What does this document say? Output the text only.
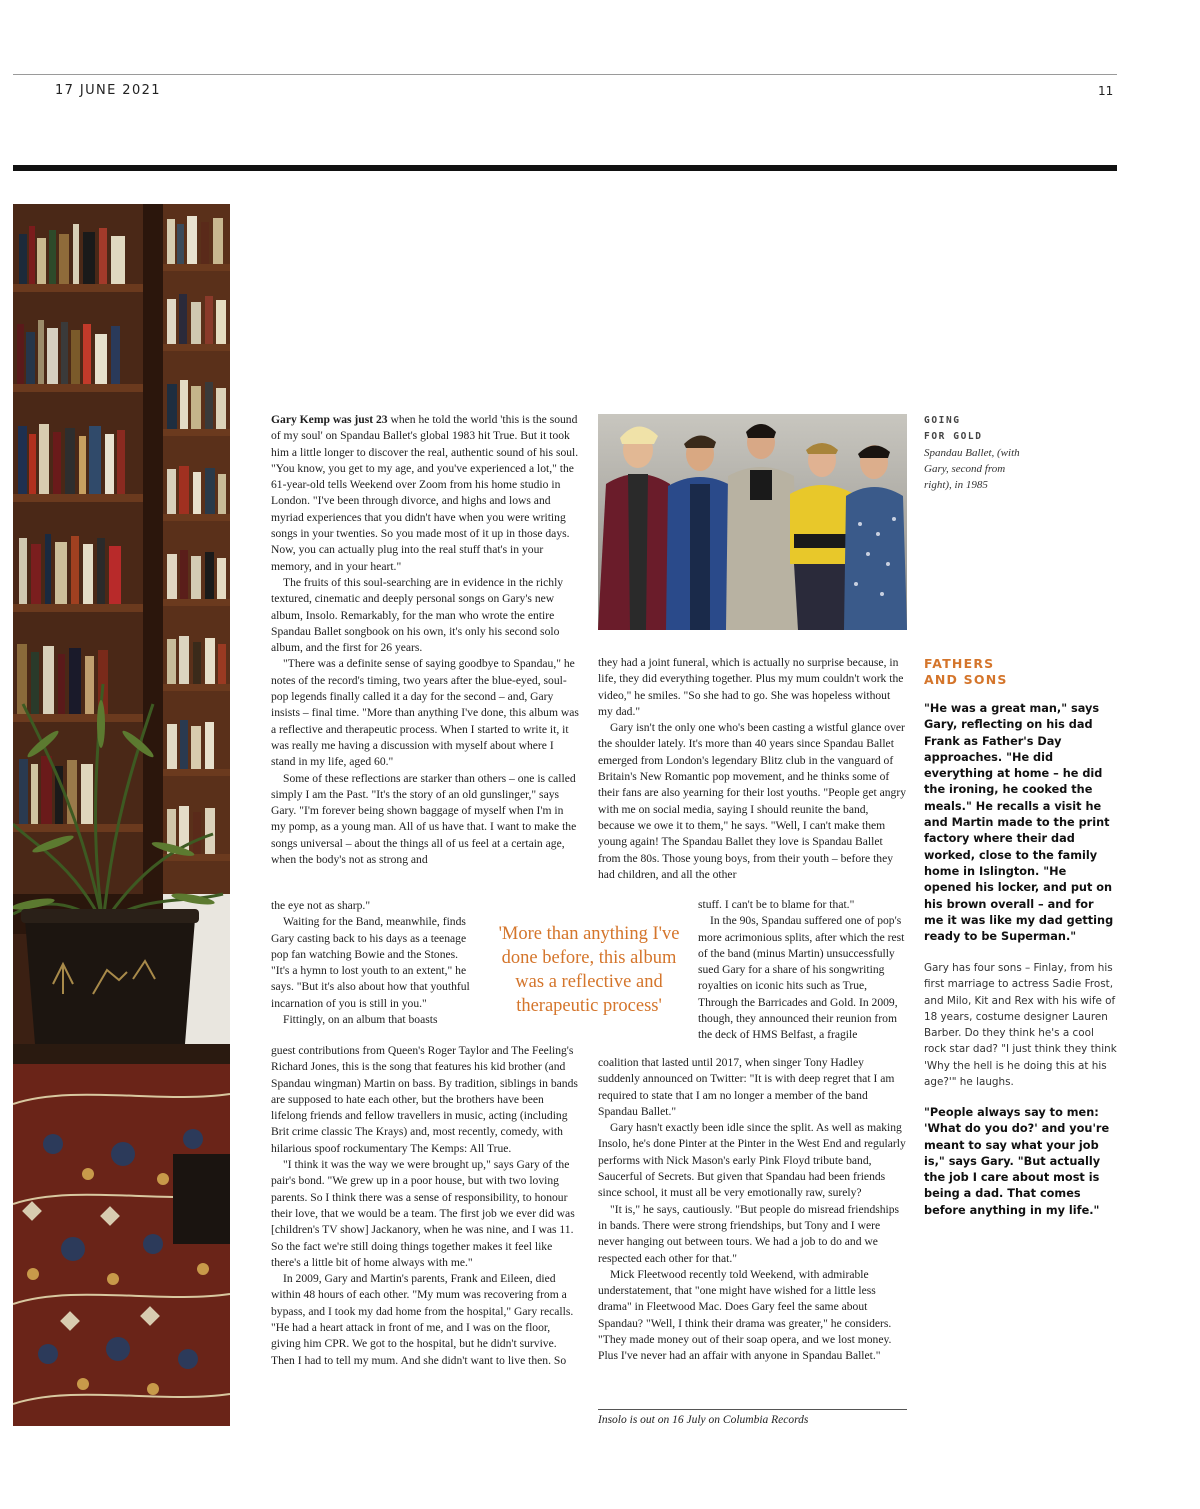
17 JUNE 2021	11

Gary Kemp was just 23 when he told the world 'this is the sound of my soul' on Spandau Ballet's global 1983 hit True. But it took him a little longer to discover the real, authentic sound of his soul. "You know, you get to my age, and you've experienced a lot," the 61-year-old tells Weekend over Zoom from his home studio in London. "I've been through divorce, and highs and lows and myriad experiences that you didn't have when you were writing songs in your twenties. So you made most of it up in those days. Now, you can actually plug into the real stuff that's in your memory, and in your heart."

The fruits of this soul-searching are in evidence in the richly textured, cinematic and deeply personal songs on Gary's new album, Insolo. Remarkably, for the man who wrote the entire Spandau Ballet songbook on his own, it's only his second solo album, and the first for 26 years.

"There was a definite sense of saying goodbye to Spandau," he notes of the record's timing, two years after the blue-eyed, soul-pop legends finally called it a day for the second – and, Gary insists – final time. "More than anything I've done, this album was a reflective and therapeutic process. When I started to write it, it was really me having a discussion with myself about where I stand in my life, aged 60."

Some of these reflections are starker than others – one is called simply I am the Past. "It's the story of an old gunslinger," says Gary. "I'm forever being shown baggage of myself when I'm in my pomp, as a young man. All of us have that. I want to make the songs universal – about the things all of us feel at a certain age, when the body's not as strong and

the eye not as sharp."

Waiting for the Band, meanwhile, finds Gary casting back to his days as a teenage pop fan watching Bowie and the Stones. "It's a hymn to lost youth to an extent," he says. "But it's also about how that youthful incarnation of you is still in you."

Fittingly, on an album that boasts

guest contributions from Queen's Roger Taylor and The Feeling's Richard Jones, this is the song that features his kid brother (and Spandau wingman) Martin on bass. By tradition, siblings in bands are supposed to hate each other, but the brothers have been lifelong friends and fellow travellers in music, acting (including Brit crime classic The Krays) and, most recently, comedy, with hilarious spoof rockumentary The Kemps: All True.

"I think it was the way we were brought up," says Gary of the pair's bond. "We grew up in a poor house, but with two loving parents. So I think there was a sense of responsibility, to honour their love, that we would be a team. The first job we ever did was [children's TV show] Jackanory, when he was nine, and I was 11. So the fact we're still doing things together makes it feel like there's a little bit of home always with me."

In 2009, Gary and Martin's parents, Frank and Eileen, died within 48 hours of each other. "My mum was recovering from a bypass, and I took my dad home from the hospital," Gary recalls. "He had a heart attack in front of me, and I was on the floor, giving him CPR. We got to the hospital, but he didn't survive. Then I had to tell my mum. And she didn't want to live then. So

'More than anything I've done before, this album was a reflective and therapeutic process'

they had a joint funeral, which is actually no surprise because, in life, they did everything together. Plus my mum couldn't work the video," he smiles. "So she had to go. She was hopeless without my dad."

Gary isn't the only one who's been casting a wistful glance over the shoulder lately. It's more than 40 years since Spandau Ballet emerged from London's legendary Blitz club in the vanguard of Britain's New Romantic pop movement, and he thinks some of their fans are also yearning for their lost youths. "People get angry with me on social media, saying I should reunite the band, because we owe it to them," he says. "Well, I can't make them young again! The Spandau Ballet they love is Spandau Ballet from the 80s. Those young boys, from their youth – before they had children, and all the other

stuff. I can't be to blame for that."

In the 90s, Spandau suffered one of pop's more acrimonious splits, after which the rest of the band (minus Martin) unsuccessfully sued Gary for a share of his songwriting royalties on iconic hits such as True, Through the Barricades and Gold. In 2009, though, they announced their reunion from the deck of HMS Belfast, a fragile

coalition that lasted until 2017, when singer Tony Hadley suddenly announced on Twitter: "It is with deep regret that I am required to state that I am no longer a member of the band Spandau Ballet."

Gary hasn't exactly been idle since the split. As well as making Insolo, he's done Pinter at the Pinter in the West End and regularly performs with Nick Mason's early Pink Floyd tribute band, Saucerful of Secrets. But given that Spandau had been friends since school, it must all be very emotionally raw, surely?

"It is," he says, cautiously. "But people do misread friendships in bands. There were strong friendships, but Tony and I were never hanging out between tours. We had a job to do and we respected each other for that."

Mick Fleetwood recently told Weekend, with admirable understatement, that "one might have wished for a little less drama" in Fleetwood Mac. Does Gary feel the same about Spandau? "Well, I think their drama was greater," he considers. "They made money out of their soap opera, and we lost money. Plus I've never had an affair with anyone in Spandau Ballet."

Insolo is out on 16 July on Columbia Records
GOING
FOR GOLD
Spandau Ballet, (with Gary, second from right), in 1985
FATHERS
AND SONS
"He was a great man," says Gary, reflecting on his dad Frank as Father's Day approaches. "He did everything at home – he did the ironing, he cooked the meals." He recalls a visit he and Martin made to the print factory where their dad worked, close to the family home in Islington. "He opened his locker, and put on his brown overall – and for me it was like my dad getting ready to be Superman."
Gary has four sons – Finlay, from his first marriage to actress Sadie Frost, and Milo, Kit and Rex with his wife of 18 years, costume designer Lauren Barber. Do they think he's a cool rock star dad? "I just think they think 'Why the hell is he doing this at his age?'" he laughs.
"People always say to men: 'What do you do?' and you're meant to say what your job is," says Gary. "But actually the job I care about most is being a dad. That comes before anything in my life."
